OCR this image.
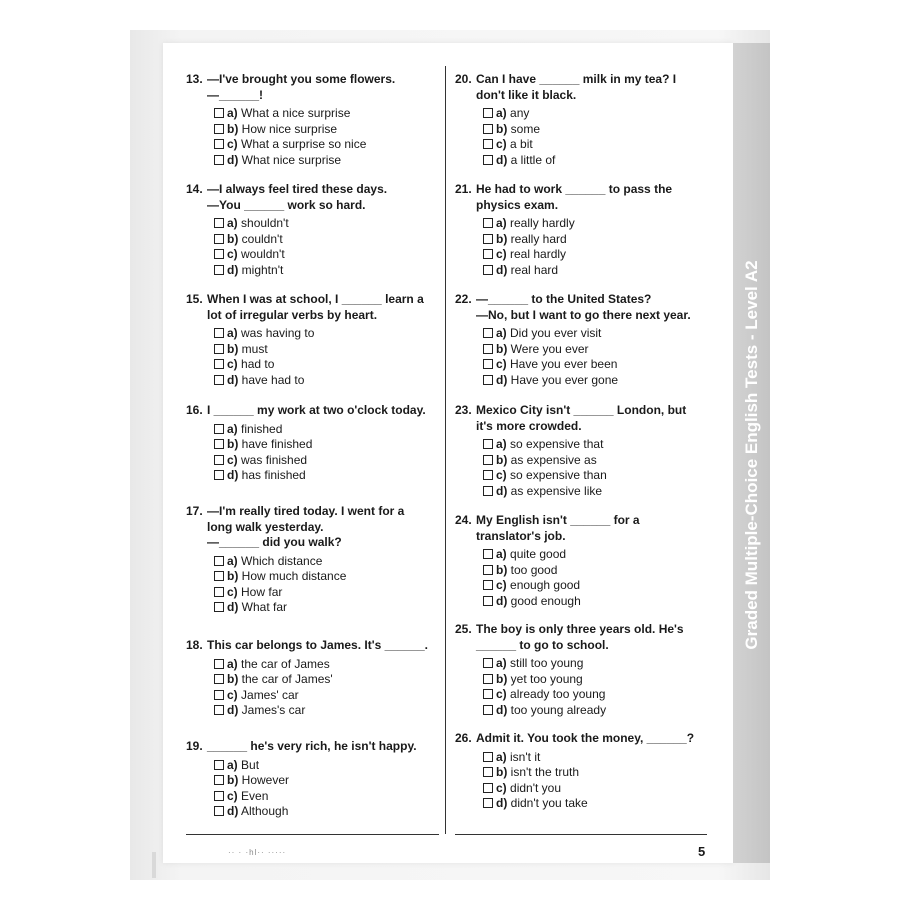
Graded Multiple-Choice English Tests - Level A2
13. —I've brought you some flowers.
—______!
a) What a nice surprise
b) How nice surprise
c) What a surprise so nice
d) What nice surprise
14. —I always feel tired these days.
—You ______ work so hard.
a) shouldn't
b) couldn't
c) wouldn't
d) mightn't
15. When I was at school, I ______ learn a lot of irregular verbs by heart.
a) was having to
b) must
c) had to
d) have had to
16. I ______ my work at two o'clock today.
a) finished
b) have finished
c) was finished
d) has finished
17. —I'm really tired today. I went for a long walk yesterday.
—______ did you walk?
a) Which distance
b) How much distance
c) How far
d) What far
18. This car belongs to James. It's ______.
a) the car of James
b) the car of James'
c) James' car
d) James's car
19. ______ he's very rich, he isn't happy.
a) But
b) However
c) Even
d) Although
20. Can I have ______ milk in my tea? I don't like it black.
a) any
b) some
c) a bit
d) a little of
21. He had to work ______ to pass the physics exam.
a) really hardly
b) really hard
c) real hardly
d) real hard
22. —______ to the United States?
—No, but I want to go there next year.
a) Did you ever visit
b) Were you ever
c) Have you ever been
d) Have you ever gone
23. Mexico City isn't ______ London, but it's more crowded.
a) so expensive that
b) as expensive as
c) so expensive than
d) as expensive like
24. My English isn't ______ for a translator's job.
a) quite good
b) too good
c) enough good
d) good enough
25. The boy is only three years old. He's ______ to go to school.
a) still too young
b) yet too young
c) already too young
d) too young already
26. Admit it. You took the money, ______?
a) isn't it
b) isn't the truth
c) didn't you
d) didn't you take
·· · ·hl·· ·····	5
